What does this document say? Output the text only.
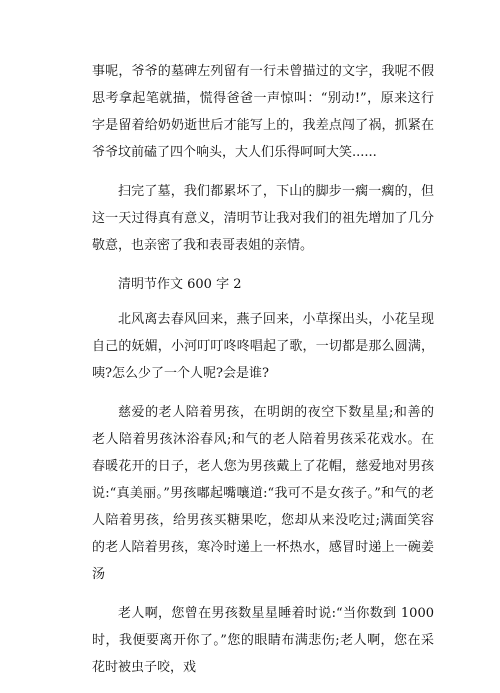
事呢，爷爷的墓碑左列留有一行未曾描过的文字，我呢不假思考拿起笔就描，慌得爸爸一声惊叫：“别动!”，原来这行字是留着给奶奶逝世后才能写上的，我差点闯了祸，抓紧在爷爷坟前磕了四个响头，大人们乐得呵呵大笑......

扫完了墓，我们都累坏了，下山的脚步一瘸一瘸的，但这一天过得真有意义，清明节让我对我们的祖先增加了几分敬意，也亲密了我和表哥表姐的亲情。

清明节作文 600 字 2

北风离去春风回来，燕子回来，小草探出头，小花呈现自己的妩媚，小河叮叮咚咚唱起了歌，一切都是那么圆满，咦?怎么少了一个人呢?会是谁?

慈爱的老人陪着男孩，在明朗的夜空下数星星;和善的老人陪着男孩沐浴春风;和气的老人陪着男孩采花戏水。在春暖花开的日子，老人您为男孩戴上了花帽，慈爱地对男孩说:“真美丽。”男孩嘟起嘴嚷道:“我可不是女孩子。”和气的老人陪着男孩，给男孩买糖果吃，您却从来没吃过;满面笑容的老人陪着男孩，寒冷时递上一杯热水，感冒时递上一碗姜汤

老人啊，您曾在男孩数星星睡着时说:“当你数到 1000 时，我便要离开你了。”您的眼睛布满悲伤;老人啊，您在采花时被虫子咬，戏
